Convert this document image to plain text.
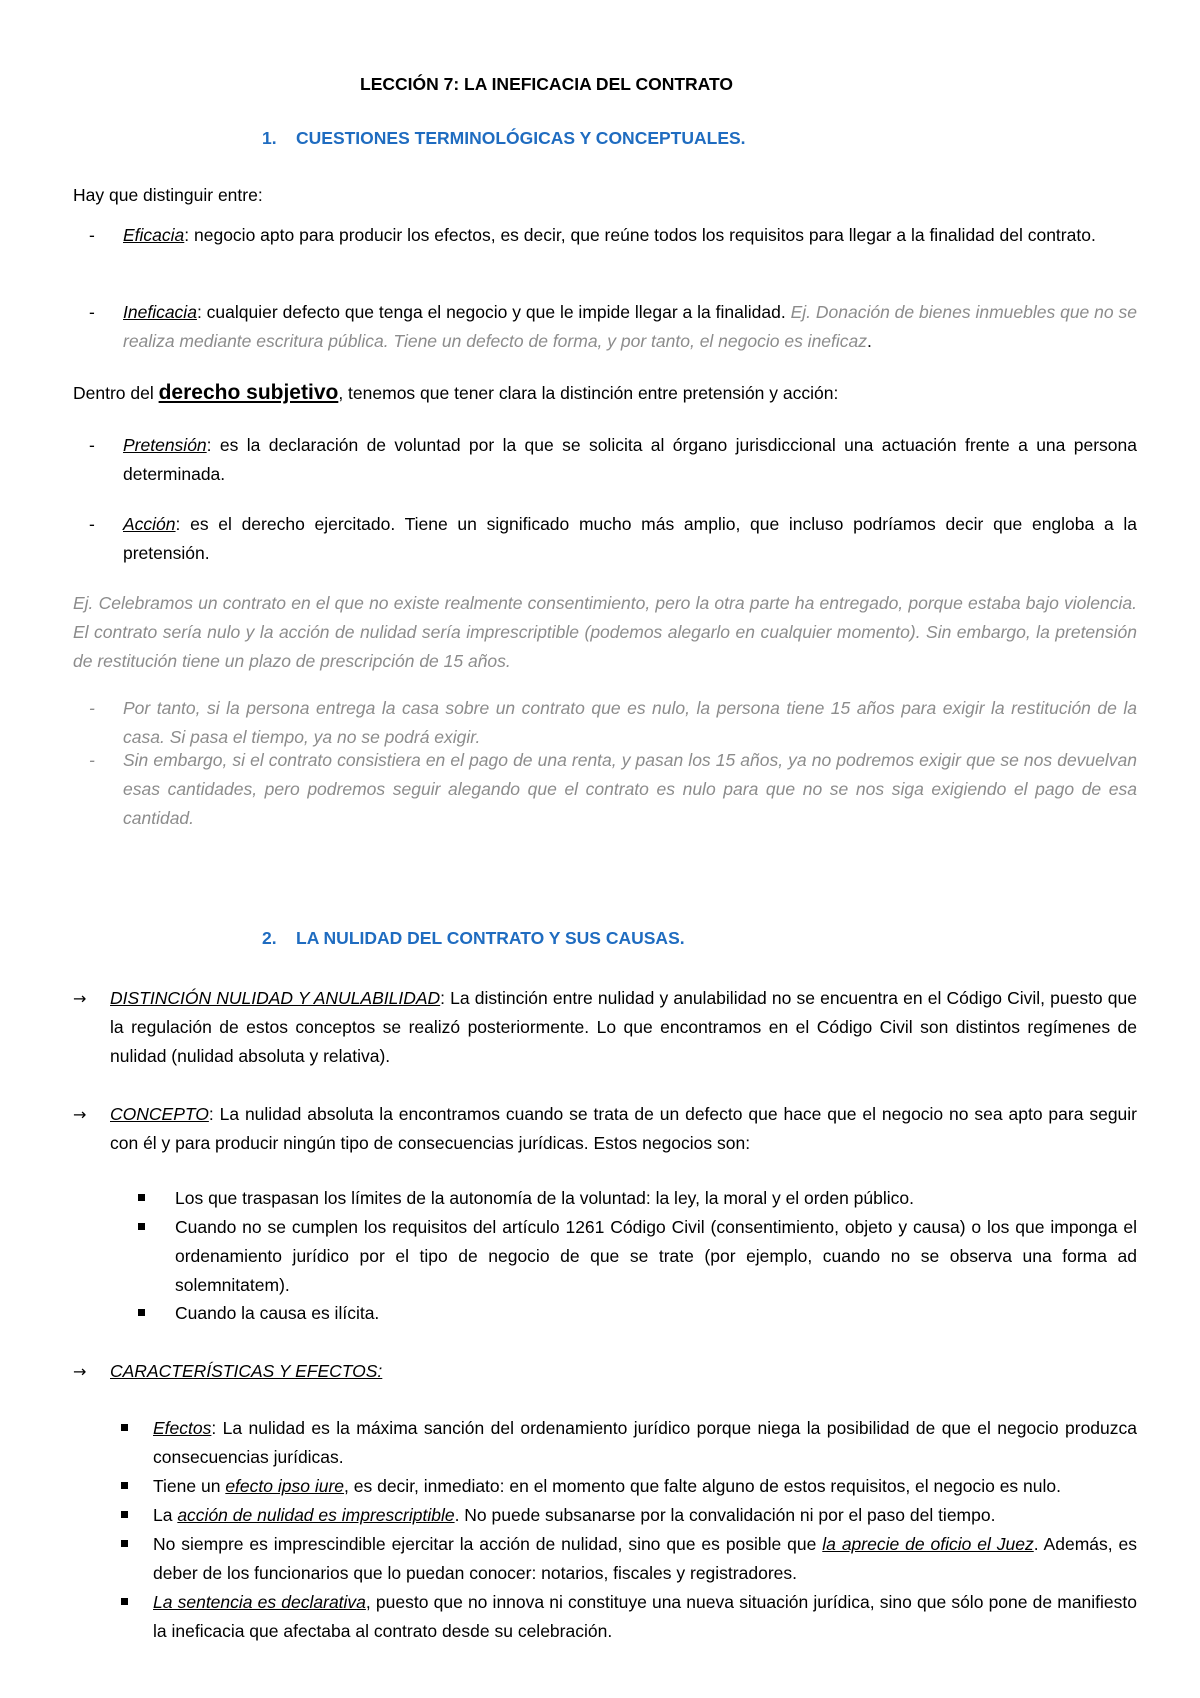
LECCIÓN 7: LA INEFICACIA DEL CONTRATO
1. CUESTIONES TERMINOLÓGICAS Y CONCEPTUALES.
Hay que distinguir entre:
-	Eficacia: negocio apto para producir los efectos, es decir, que reúne todos los requisitos para llegar a la finalidad del contrato.
-	Ineficacia: cualquier defecto que tenga el negocio y que le impide llegar a la finalidad. Ej. Donación de bienes inmuebles que no se realiza mediante escritura pública. Tiene un defecto de forma, y por tanto, el negocio es ineficaz.
Dentro del derecho subjetivo, tenemos que tener clara la distinción entre pretensión y acción:
-	Pretensión: es la declaración de voluntad por la que se solicita al órgano jurisdiccional una actuación frente a una persona determinada.
-	Acción: es el derecho ejercitado. Tiene un significado mucho más amplio, que incluso podríamos decir que engloba a la pretensión.
Ej. Celebramos un contrato en el que no existe realmente consentimiento, pero la otra parte ha entregado, porque estaba bajo violencia. El contrato sería nulo y la acción de nulidad sería imprescriptible (podemos alegarlo en cualquier momento). Sin embargo, la pretensión de restitución tiene un plazo de prescripción de 15 años.
-	Por tanto, si la persona entrega la casa sobre un contrato que es nulo, la persona tiene 15 años para exigir la restitución de la casa. Si pasa el tiempo, ya no se podrá exigir.
-	Sin embargo, si el contrato consistiera en el pago de una renta, y pasan los 15 años, ya no podremos exigir que se nos devuelvan esas cantidades, pero podremos seguir alegando que el contrato es nulo para que no se nos siga exigiendo el pago de esa cantidad.
2. LA NULIDAD DEL CONTRATO Y SUS CAUSAS.
→	DISTINCIÓN NULIDAD Y ANULABILIDAD: La distinción entre nulidad y anulabilidad no se encuentra en el Código Civil, puesto que la regulación de estos conceptos se realizó posteriormente. Lo que encontramos en el Código Civil son distintos regímenes de nulidad (nulidad absoluta y relativa).
→	CONCEPTO: La nulidad absoluta la encontramos cuando se trata de un defecto que hace que el negocio no sea apto para seguir con él y para producir ningún tipo de consecuencias jurídicas. Estos negocios son:
Los que traspasan los límites de la autonomía de la voluntad: la ley, la moral y el orden público.
Cuando no se cumplen los requisitos del artículo 1261 Código Civil (consentimiento, objeto y causa) o los que imponga el ordenamiento jurídico por el tipo de negocio de que se trate (por ejemplo, cuando no se observa una forma ad solemnitatem).
Cuando la causa es ilícita.
→	CARACTERÍSTICAS Y EFECTOS:
Efectos: La nulidad es la máxima sanción del ordenamiento jurídico porque niega la posibilidad de que el negocio produzca consecuencias jurídicas.
Tiene un efecto ipso iure, es decir, inmediato: en el momento que falte alguno de estos requisitos, el negocio es nulo.
La acción de nulidad es imprescriptible. No puede subsanarse por la convalidación ni por el paso del tiempo.
No siempre es imprescindible ejercitar la acción de nulidad, sino que es posible que la aprecie de oficio el Juez. Además, es deber de los funcionarios que lo puedan conocer: notarios, fiscales y registradores.
La sentencia es declarativa, puesto que no innova ni constituye una nueva situación jurídica, sino que sólo pone de manifiesto la ineficacia que afectaba al contrato desde su celebración.
